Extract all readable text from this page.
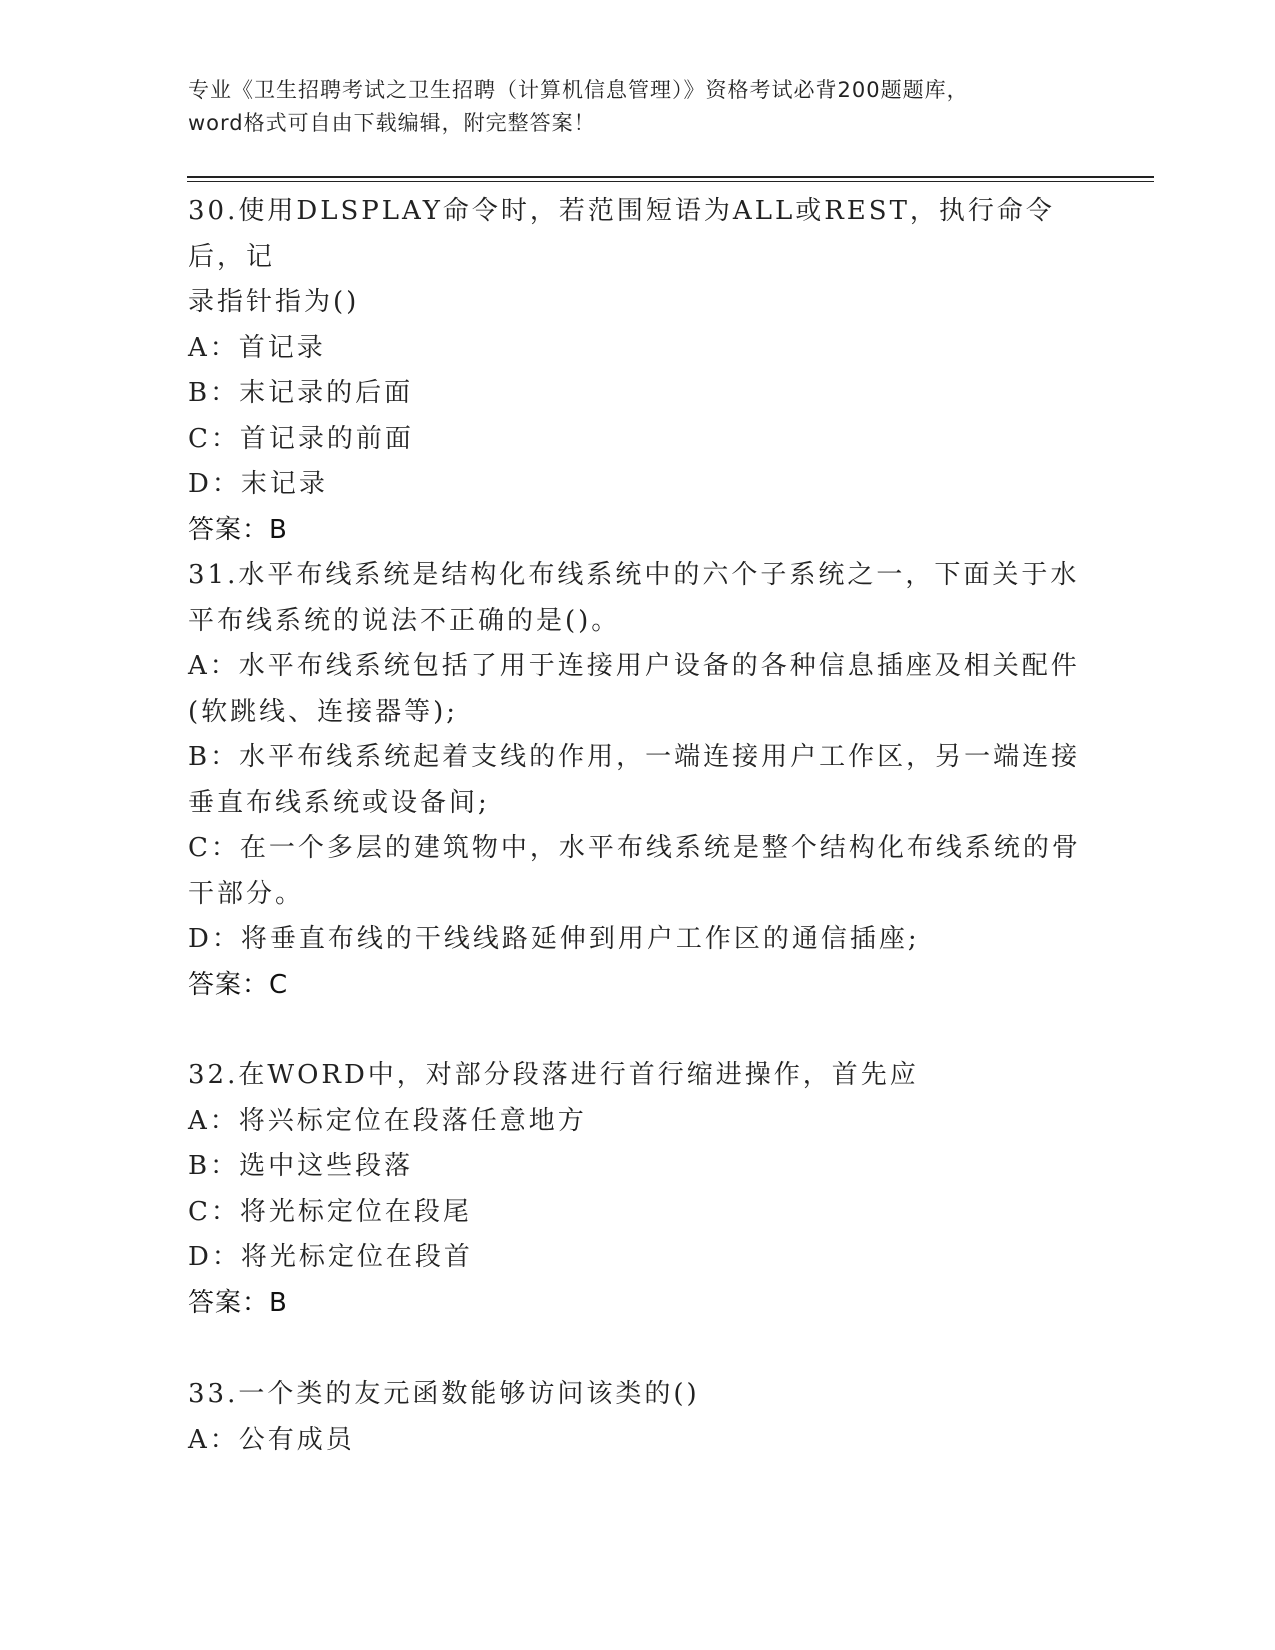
专业《卫生招聘考试之卫生招聘（计算机信息管理）》资格考试必背200题题库，
word格式可自由下载编辑，附完整答案！

30.使用DLSPLAY命令时，若范围短语为ALL或REST，执行命令后，记

录指针指为()

A：首记录

B：末记录的后面

C：首记录的前面

D：末记录

答案：B

31.水平布线系统是结构化布线系统中的六个子系统之一，下面关于水

平布线系统的说法不正确的是()。

A：水平布线系统包括了用于连接用户设备的各种信息插座及相关配件

(软跳线、连接器等);

B：水平布线系统起着支线的作用，一端连接用户工作区，另一端连接

垂直布线系统或设备间;

C：在一个多层的建筑物中，水平布线系统是整个结构化布线系统的骨

干部分。

D：将垂直布线的干线线路延伸到用户工作区的通信插座;

答案：C

32.在WORD中，对部分段落进行首行缩进操作，首先应

A：将兴标定位在段落任意地方

B：选中这些段落

C：将光标定位在段尾

D：将光标定位在段首

答案：B

33.一个类的友元函数能够访问该类的()

A：公有成员
